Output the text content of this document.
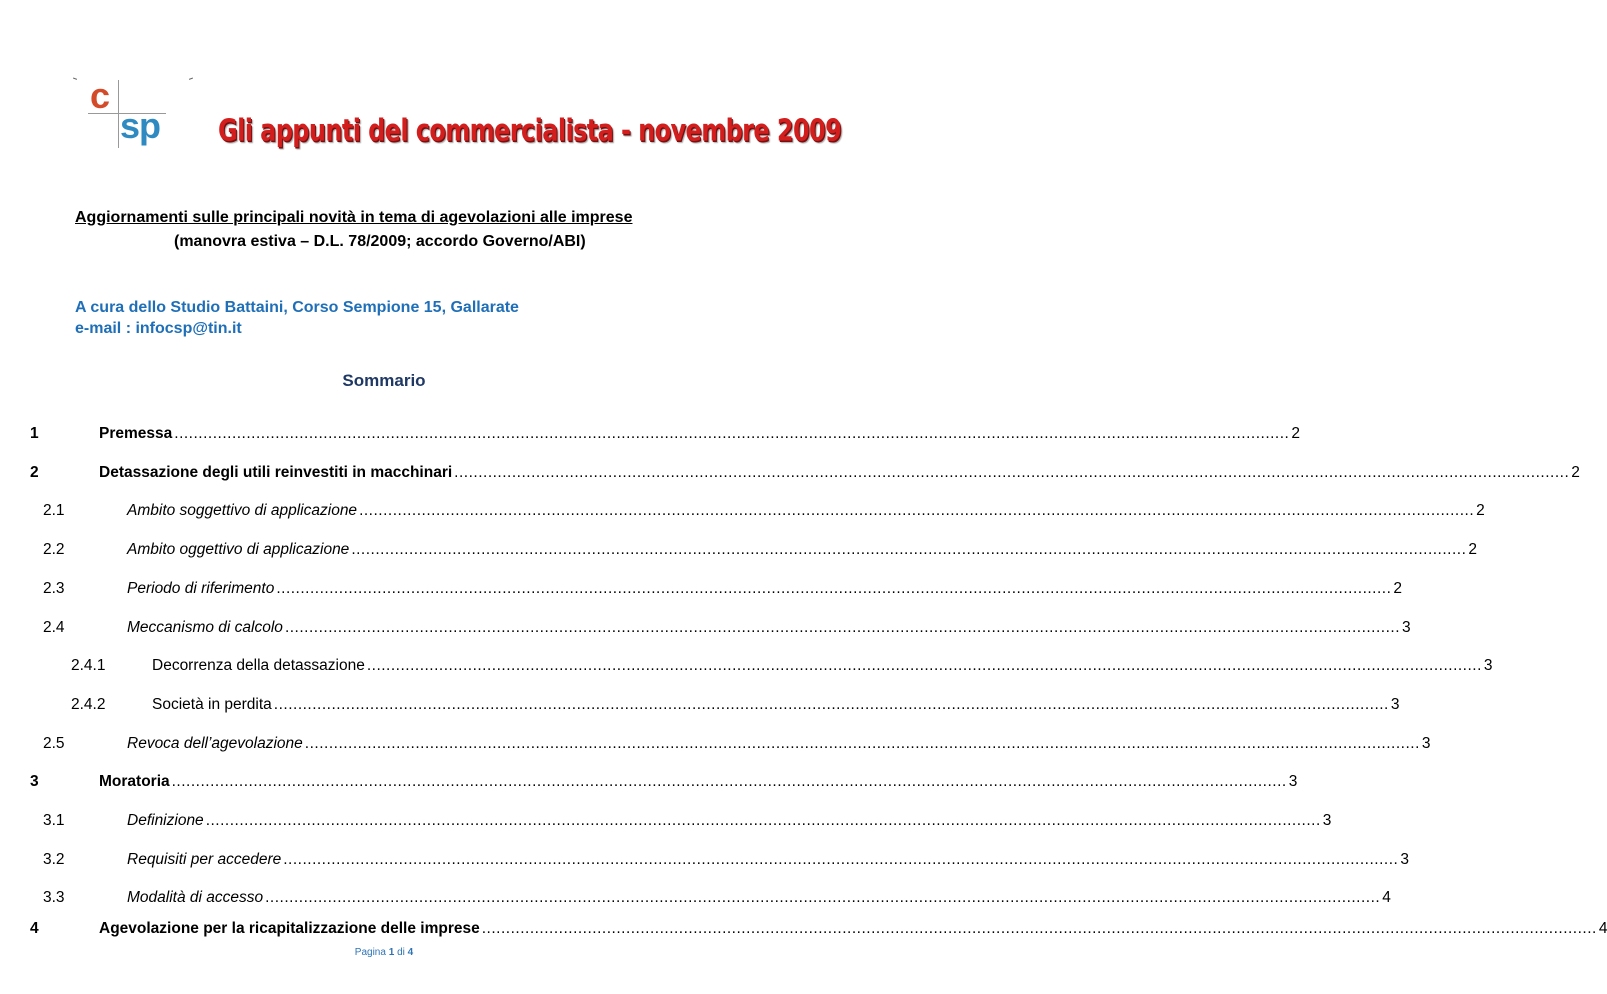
c
sp Gli appunti del commercialista - novembre 2009
Aggiornamenti sulle principali novità in tema di agevolazioni alle imprese
(manovra estiva – D.L. 78/2009; accordo Governo/ABI)
A cura dello Studio Battaini, Corso Sempione 15, Gallarate
e-mail : infocsp@tin.it
Sommario
1	Premessa .....	2
2	Detassazione degli utili reinvestiti in macchinari .....	2
2.1	Ambito soggettivo di applicazione .....	2
2.2	Ambito oggettivo di applicazione .....	2
2.3	Periodo di riferimento .....	2
2.4	Meccanismo di calcolo .....	3
2.4.1	Decorrenza della detassazione .....	3
2.4.2	Società in perdita .....	3
2.5	Revoca dell’agevolazione .....	3
3	Moratoria .....	3
3.1	Definizione .....	3
3.2	Requisiti per accedere .....	3
3.3	Modalità di accesso .....	4
4	Agevolazione per la ricapitalizzazione delle imprese .....	4
Pagina 1 di 4
